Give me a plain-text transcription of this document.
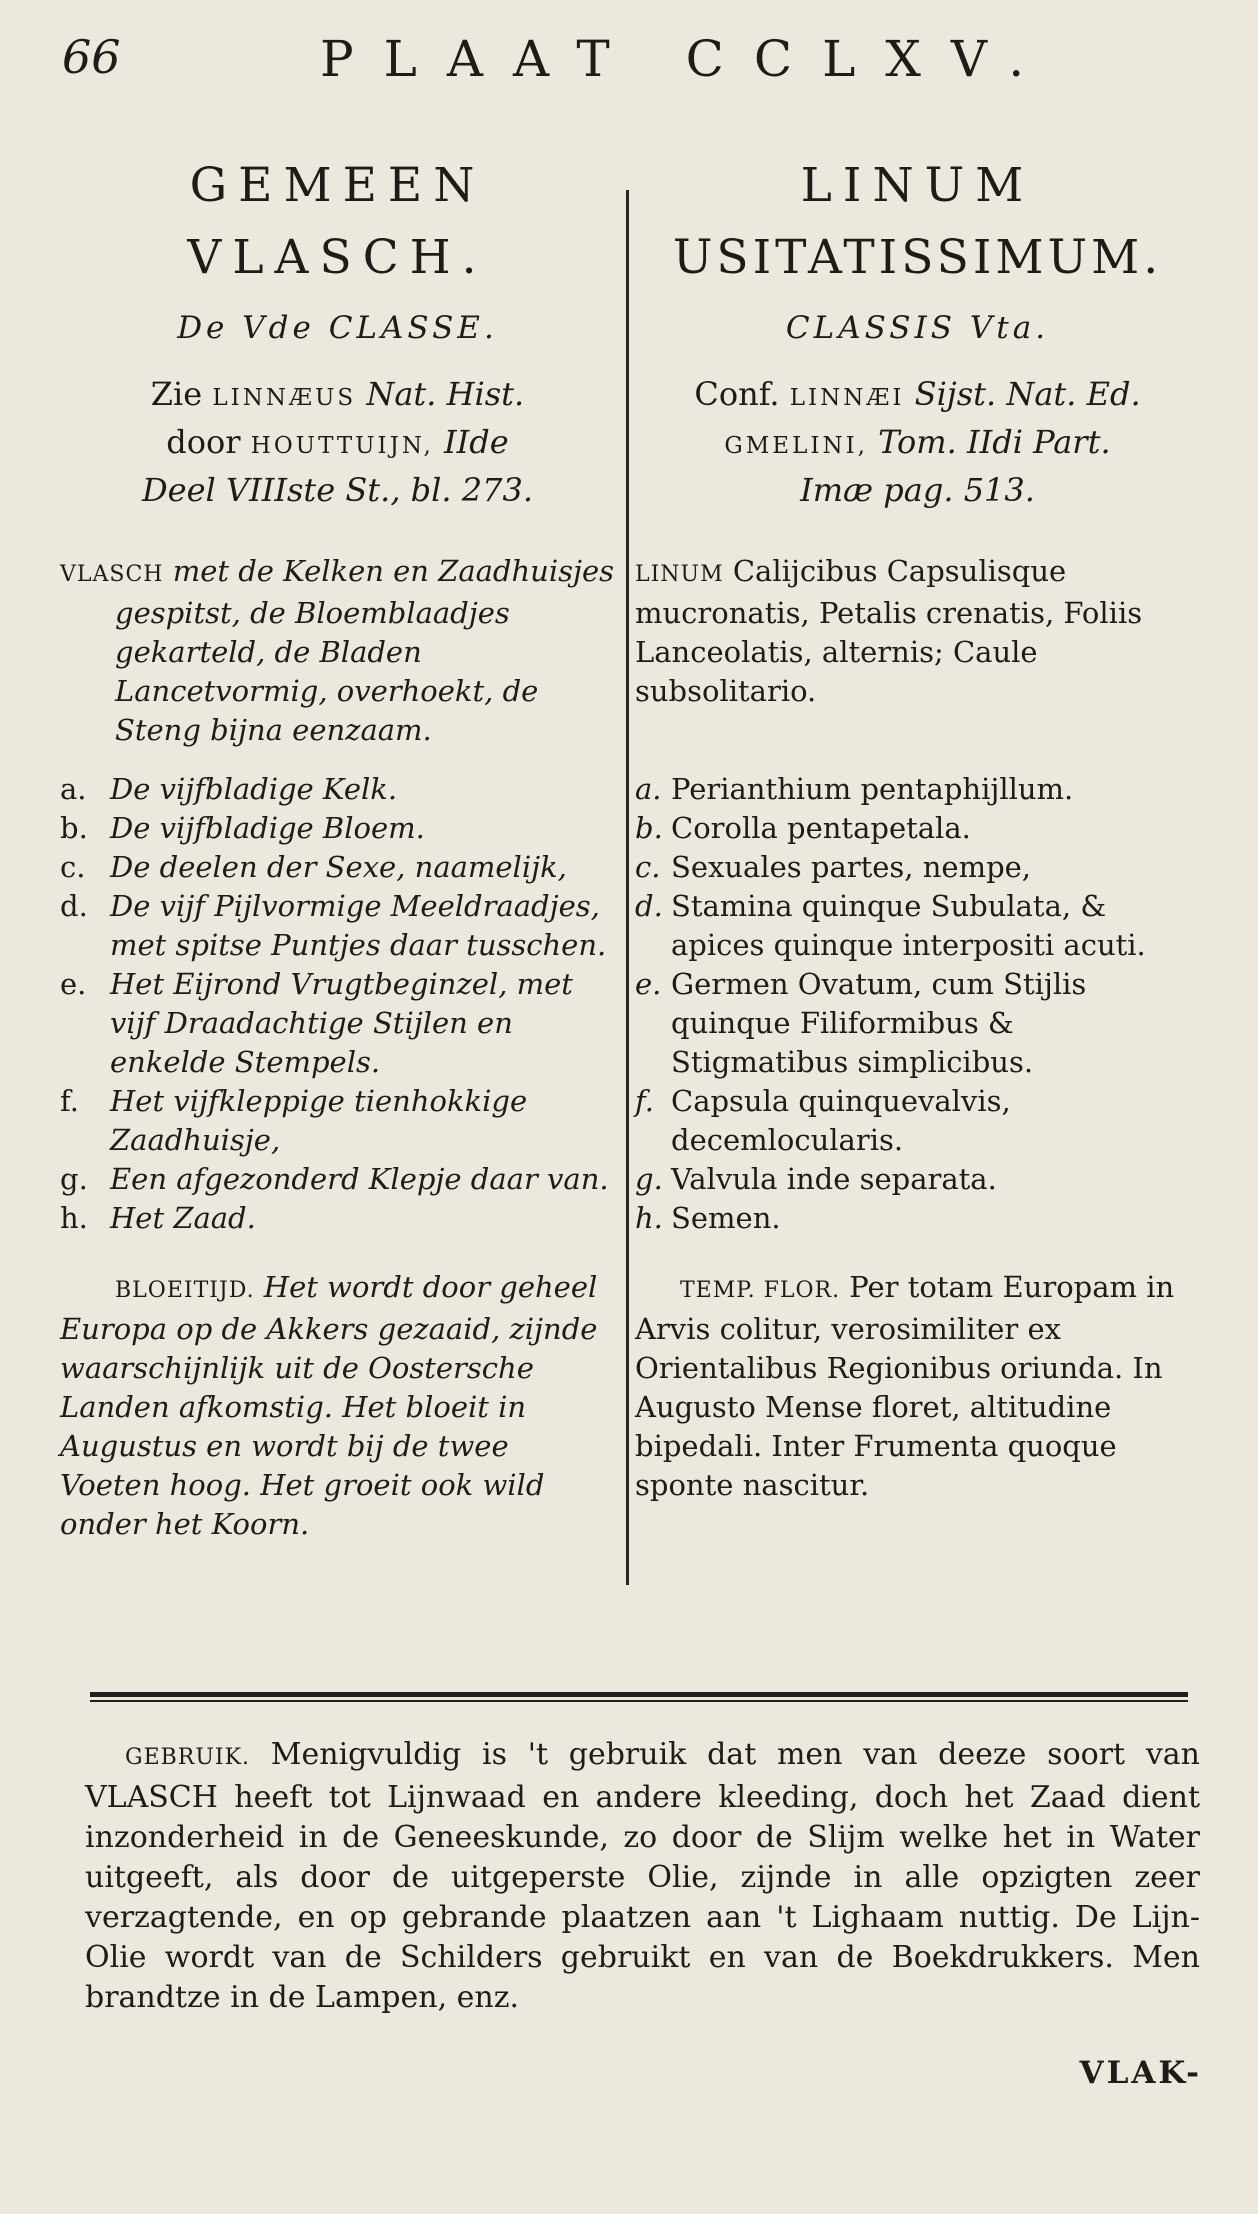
66	PLAAT CCLXV.
GEMEEN
VLASCH.
De Vde CLASSE.
Zie LINNÆUS Nat. Hist.
door HOUTTUIJN, IIde
Deel VIIIste St., bl. 273.
VLASCH met de Kelken en Zaadhuisjes gespitst, de Bloemblaadjes gekarteld, de Bladen Lancetvormig, overhoekt, de Steng bijna eenzaam.
a. De vijfbladige Kelk.
b. De vijfbladige Bloem.
c. De deelen der Sexe, naamelijk,
d. De vijf Pijlvormige Meeldraadjes, met spitse Puntjes daar tusschen.
e. Het Eijrond Vrugtbeginzel, met vijf Draadachtige Stijlen en enkelde Stempels.
f.	Het vijfkleppige tienhokkige Zaadhuisje,
g. Een afgezonderd Klepje daar van.
h. Het Zaad.
BLOEITIJD. Het wordt door geheel Europa op de Akkers gezaaid, zijnde waarschijnlijk uit de Oostersche Landen afkomstig. Het bloeit in Augustus en wordt bij de twee Voeten hoog. Het groeit ook wild onder het Koorn.
LINUM
USITATISSIMUM.
CLASSIS Vta.
Conf. LINNÆI Sijst. Nat. Ed.
GMELINI, Tom. IIdi Part.
Imæ pag. 513.
LINUM Calijcibus Capsulisque mucronatis, Petalis crenatis, Foliis Lanceolatis, alternis; Caule subsolitario.
a. Perianthium pentaphijllum.
b. Corolla pentapetala.
c. Sexuales partes, nempe,
d. Stamina quinque Subulata, & apices quinque interpositi acuti.
e. Germen Ovatum, cum Stijlis quinque Filiformibus & Stigmatibus simplicibus.
f. Capsula quinquevalvis, decemlocularis.
g. Valvula inde separata.
h. Semen.
TEMP. FLOR. Per totam Europam in Arvis colitur, verosimiliter ex Orientalibus Regionibus oriunda. In Augusto Mense floret, altitudine bipedali. Inter Frumenta quoque sponte nascitur.
GEBRUIK. Menigvuldig is 't gebruik dat men van deeze soort van VLASCH heeft tot Lijnwaad en andere kleeding, doch het Zaad dient inzonderheid in de Geneeskunde, zo door de Slijm welke het in Water uitgeeft, als door de uitgeperste Olie, zijnde in alle opzigten zeer verzagtende, en op gebrande plaatzen aan 't Lighaam nuttig. De Lijn-Olie wordt van de Schilders gebruikt en van de Boekdrukkers. Men brandtze in de Lampen, enz.
VLAK-
